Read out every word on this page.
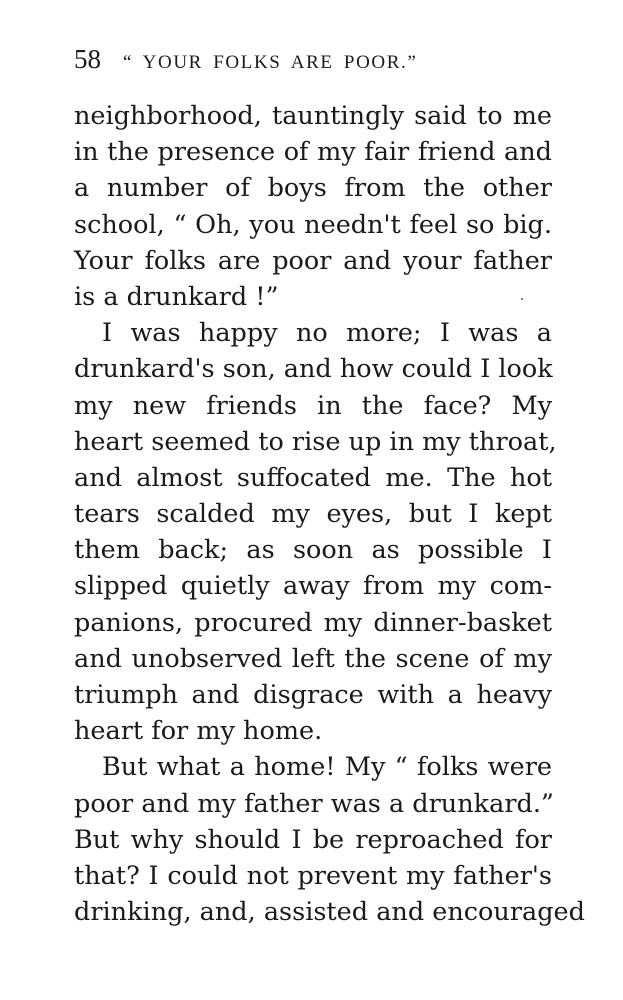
58 “ YOUR FOLKS ARE POOR.”
neighborhood, tauntingly said to me
in the presence of my fair friend and
a number of boys from the other
school, “ Oh, you needn't feel so big.
Your folks are poor and your father
is a drunkard !”
I was happy no more; I was a
drunkard's son, and how could I look
my new friends in the face? My
heart seemed to rise up in my throat,
and almost suffocated me. The hot
tears scalded my eyes, but I kept
them back; as soon as possible I
slipped quietly away from my com-
panions, procured my dinner-basket
and unobserved left the scene of my
triumph and disgrace with a heavy
heart for my home.
But what a home! My “ folks were
poor and my father was a drunkard.”
But why should I be reproached for
that? I could not prevent my father's
drinking, and, assisted and encouraged
